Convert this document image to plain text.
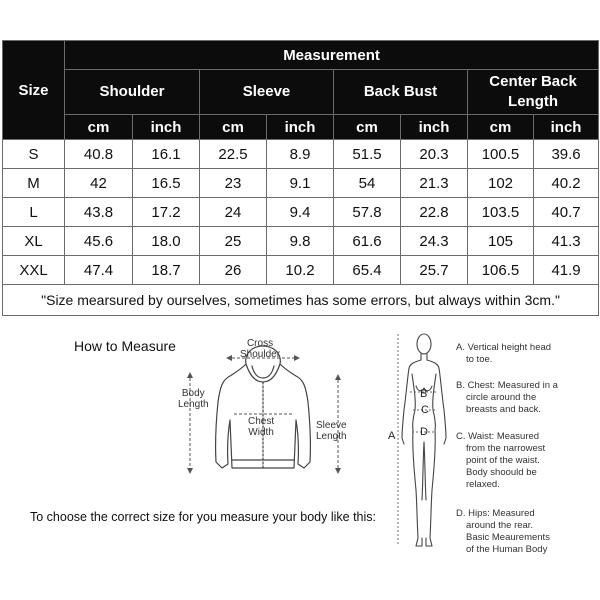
Size	Measurement							
	Shoulder		Sleeve		Back Bust		Center Back Length	
	cm	inch	cm	inch	cm	inch	cm	inch
S	40.8	16.1	22.5	8.9	51.5	20.3	100.5	39.6
M	42	16.5	23	9.1	54	21.3	102	40.2
L	43.8	17.2	24	9.4	57.8	22.8	103.5	40.7
XL	45.6	18.0	25	9.8	61.6	24.3	105	41.3
XXL	47.4	18.7	26	10.2	65.4	25.7	106.5	41.9
"Size mearsured by ourselves, sometimes has some errors, but always within 3cm."								
How to Measure	Cross
Shoulder
Body
Length
Chest
Width
Sleeve
Length
To choose the correct size for you measure your body like this:
A
B
C
D
A. Vertical height head
to toe.
B. Chest: Measured in a
circle around the
breasts and back.
C. Waist: Measured
from the narrowest
point of the waist.
Body shoould be
relaxed.
D. Hips: Measured
around the rear.
Basic Meaurements
of the Human Body
